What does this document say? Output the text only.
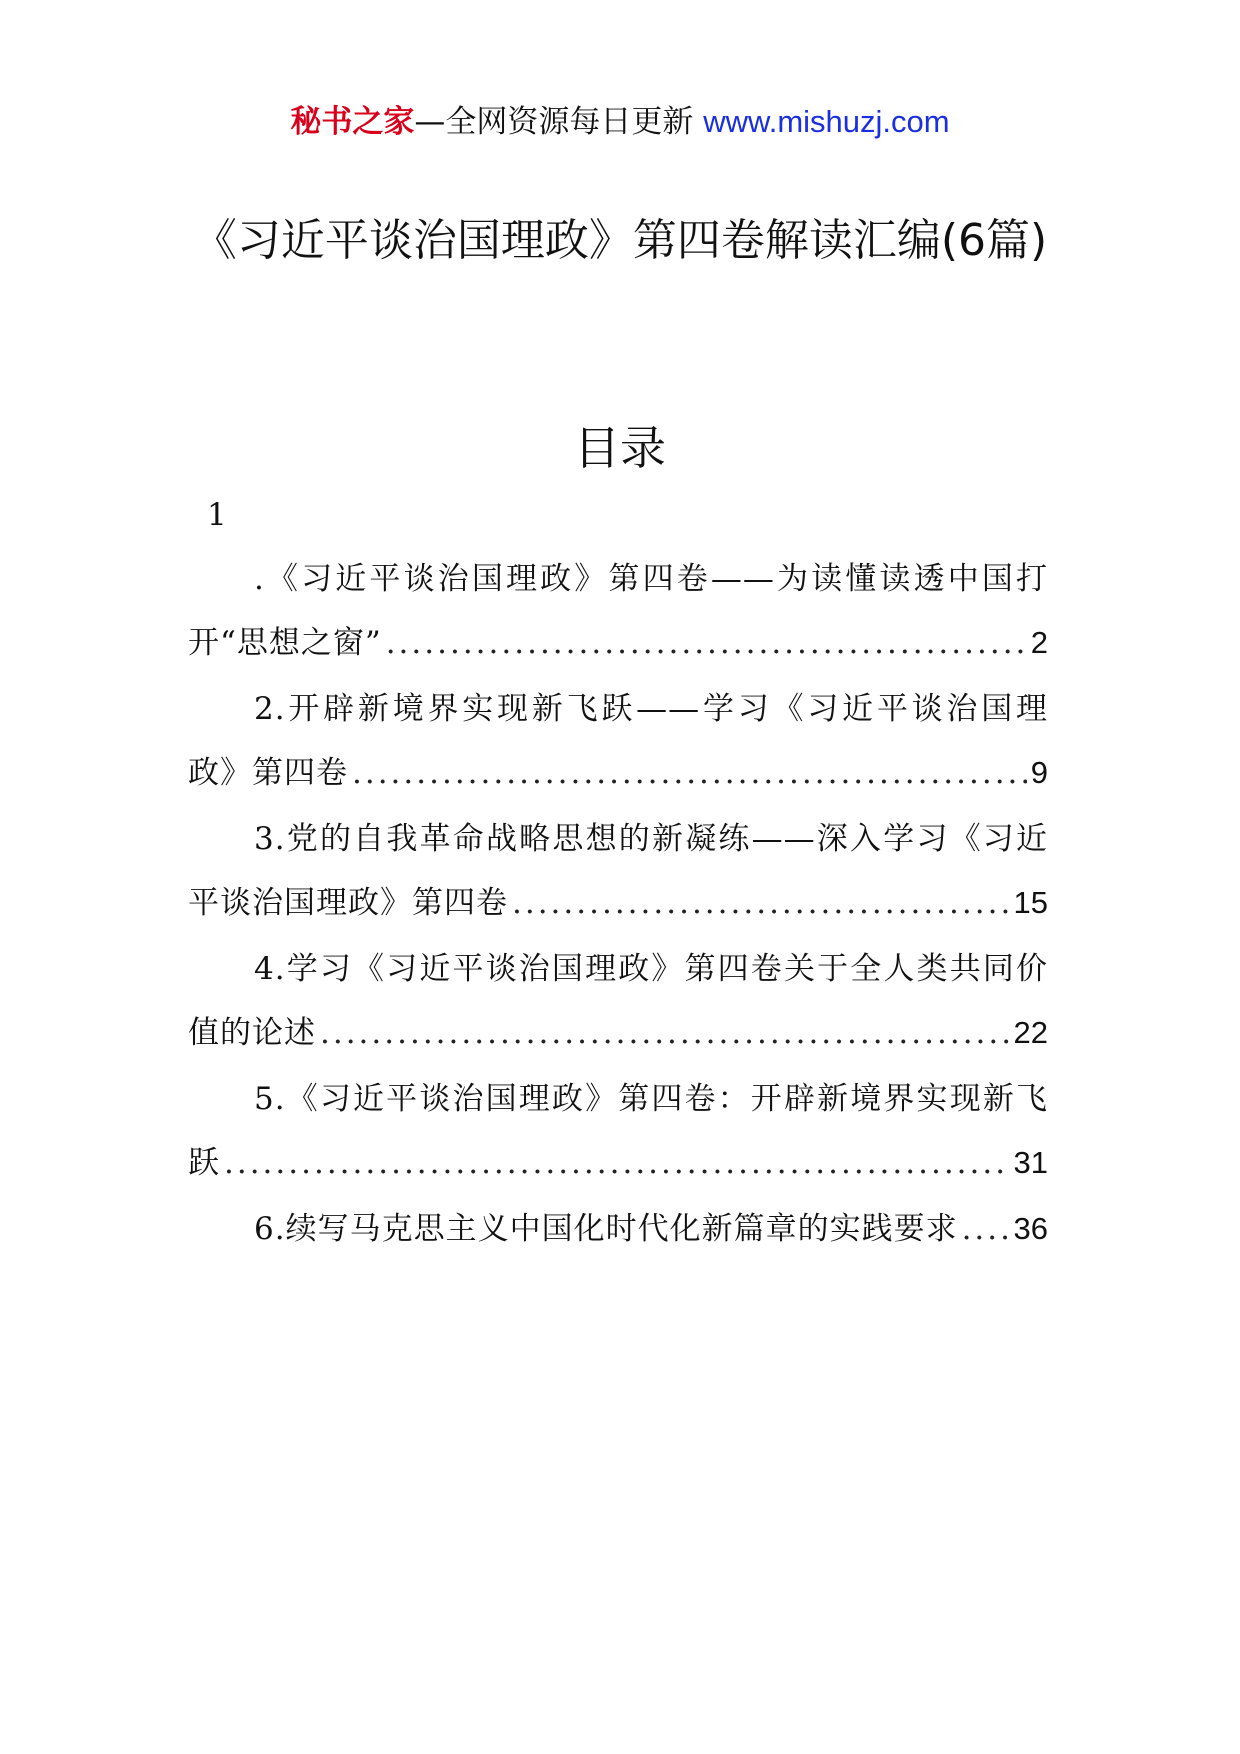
秘书之家—全网资源每日更新 www.mishuzj.com
《习近平谈治国理政》第四卷解读汇编(6篇)
目录
1
.《习近平谈治国理政》第四卷——为读懂读透中国打
开“思想之窗” .....	2
2.开辟新境界实现新飞跃——学习《习近平谈治国理
政》第四卷 .....	9
3.党的自我革命战略思想的新凝练——深入学习《习近
平谈治国理政》第四卷 .....	15
4.学习《习近平谈治国理政》第四卷关于全人类共同价
值的论述 .....	22
5.《习近平谈治国理政》第四卷：开辟新境界实现新飞
跃 .....	31
6.续写马克思主义中国化时代化新篇章的实践要求 ..... 36
